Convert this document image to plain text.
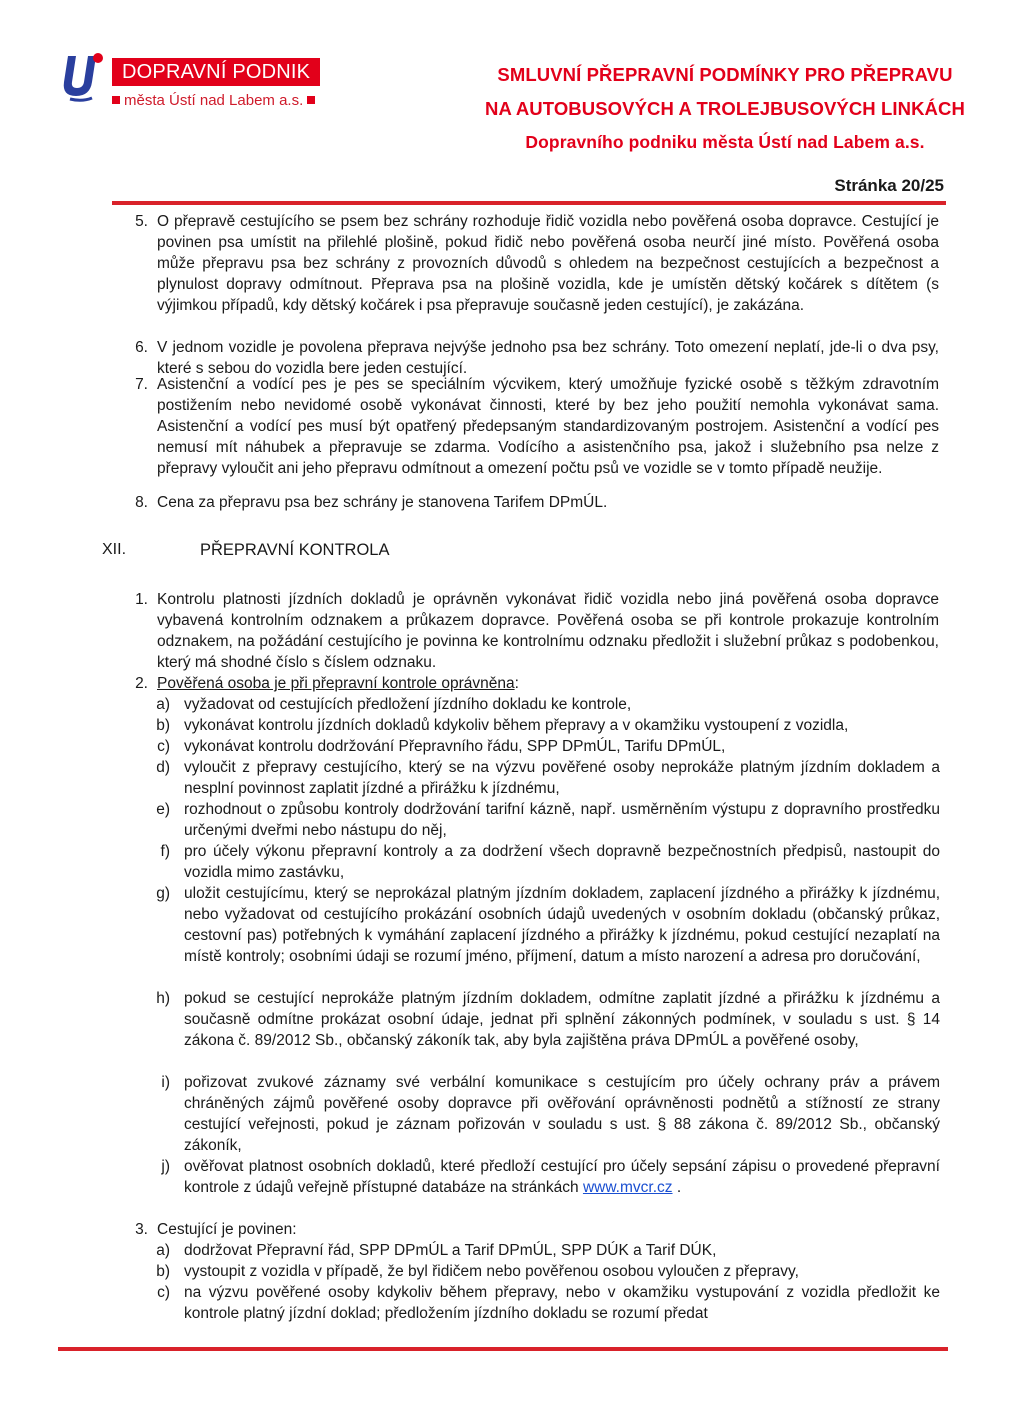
DOPRAVNÍ PODNIK
města Ústí nad Labem a.s.
SMLUVNÍ PŘEPRAVNÍ PODMÍNKY PRO PŘEPRAVU
NA AUTOBUSOVÝCH A TROLEJBUSOVÝCH LINKÁCH
Dopravního podniku města Ústí nad Labem a.s.
Stránka 20/25
5. O přepravě cestujícího se psem bez schrány rozhoduje řidič vozidla nebo pověřená osoba dopravce. Cestující je povinen psa umístit na přilehlé plošině, pokud řidič nebo pověřená osoba neurčí jiné místo. Pověřená osoba může přepravu psa bez schrány z provozních důvodů s ohledem na bezpečnost cestujících a bezpečnost a plynulost dopravy odmítnout. Přeprava psa na plošině vozidla, kde je umístěn dětský kočárek s dítětem (s výjimkou případů, kdy dětský kočárek i psa přepravuje současně jeden cestující), je zakázána.
6. V jednom vozidle je povolena přeprava nejvýše jednoho psa bez schrány. Toto omezení neplatí, jde-li o dva psy, které s sebou do vozidla bere jeden cestující.
7. Asistenční a vodící pes je pes se speciálním výcvikem, který umožňuje fyzické osobě s těžkým zdravotním postižením nebo nevidomé osobě vykonávat činnosti, které by bez jeho použití nemohla vykonávat sama. Asistenční a vodící pes musí být opatřený předepsaným standardizovaným postrojem. Asistenční a vodící pes nemusí mít náhubek a přepravuje se zdarma. Vodícího a asistenčního psa, jakož i služebního psa nelze z přepravy vyloučit ani jeho přepravu odmítnout a omezení počtu psů ve vozidle se v tomto případě neužije.
8. Cena za přepravu psa bez schrány je stanovena Tarifem DPmÚL.
XII.	PŘEPRAVNÍ KONTROLA
1. Kontrolu platnosti jízdních dokladů je oprávněn vykonávat řidič vozidla nebo jiná pověřená osoba dopravce vybavená kontrolním odznakem a průkazem dopravce. Pověřená osoba se při kontrole prokazuje kontrolním odznakem, na požádání cestujícího je povinna ke kontrolnímu odznaku předložit i služební průkaz s podobenkou, který má shodné číslo s číslem odznaku.
2. Pověřená osoba je při přepravní kontrole oprávněna:
a) vyžadovat od cestujících předložení jízdního dokladu ke kontrole,
b) vykonávat kontrolu jízdních dokladů kdykoliv během přepravy a v okamžiku vystoupení z vozidla,
c) vykonávat kontrolu dodržování Přepravního řádu, SPP DPmÚL, Tarifu DPmÚL,
d) vyloučit z přepravy cestujícího, který se na výzvu pověřené osoby neprokáže platným jízdním dokladem a nesplní povinnost zaplatit jízdné a přirážku k jízdnému,
e) rozhodnout o způsobu kontroly dodržování tarifní kázně, např. usměrněním výstupu z dopravního prostředku určenými dveřmi nebo nástupu do něj,
f) pro účely výkonu přepravní kontroly a za dodržení všech dopravně bezpečnostních předpisů, nastoupit do vozidla mimo zastávku,
g) uložit cestujícímu, který se neprokázal platným jízdním dokladem, zaplacení jízdného a přirážky k jízdnému, nebo vyžadovat od cestujícího prokázání osobních údajů uvedených v osobním dokladu (občanský průkaz, cestovní pas) potřebných k vymáhání zaplacení jízdného a přirážky k jízdnému, pokud cestující nezaplatí na místě kontroly; osobními údaji se rozumí jméno, příjmení, datum a místo narození a adresa pro doručování,
h) pokud se cestující neprokáže platným jízdním dokladem, odmítne zaplatit jízdné a přirážku k jízdnému a současně odmítne prokázat osobní údaje, jednat při splnění zákonných podmínek, v souladu s ust. § 14 zákona č. 89/2012 Sb., občanský zákoník tak, aby byla zajištěna práva DPmÚL a pověřené osoby,
i) pořizovat zvukové záznamy své verbální komunikace s cestujícím pro účely ochrany práv a právem chráněných zájmů pověřené osoby dopravce při ověřování oprávněnosti podnětů a stížností ze strany cestující veřejnosti, pokud je záznam pořizován v souladu s ust. § 88 zákona č. 89/2012 Sb., občanský zákoník,
j) ověřovat platnost osobních dokladů, které předloží cestující pro účely sepsání zápisu o provedené přepravní kontrole z údajů veřejně přístupné databáze na stránkách www.mvcr.cz .
3. Cestující je povinen:
a) dodržovat Přepravní řád, SPP DPmÚL a Tarif DPmÚL, SPP DÚK a Tarif DÚK,
b) vystoupit z vozidla v případě, že byl řidičem nebo pověřenou osobou vyloučen z přepravy,
c) na výzvu pověřené osoby kdykoliv během přepravy, nebo v okamžiku vystupování z vozidla předložit ke kontrole platný jízdní doklad; předložením jízdního dokladu se rozumí předat
